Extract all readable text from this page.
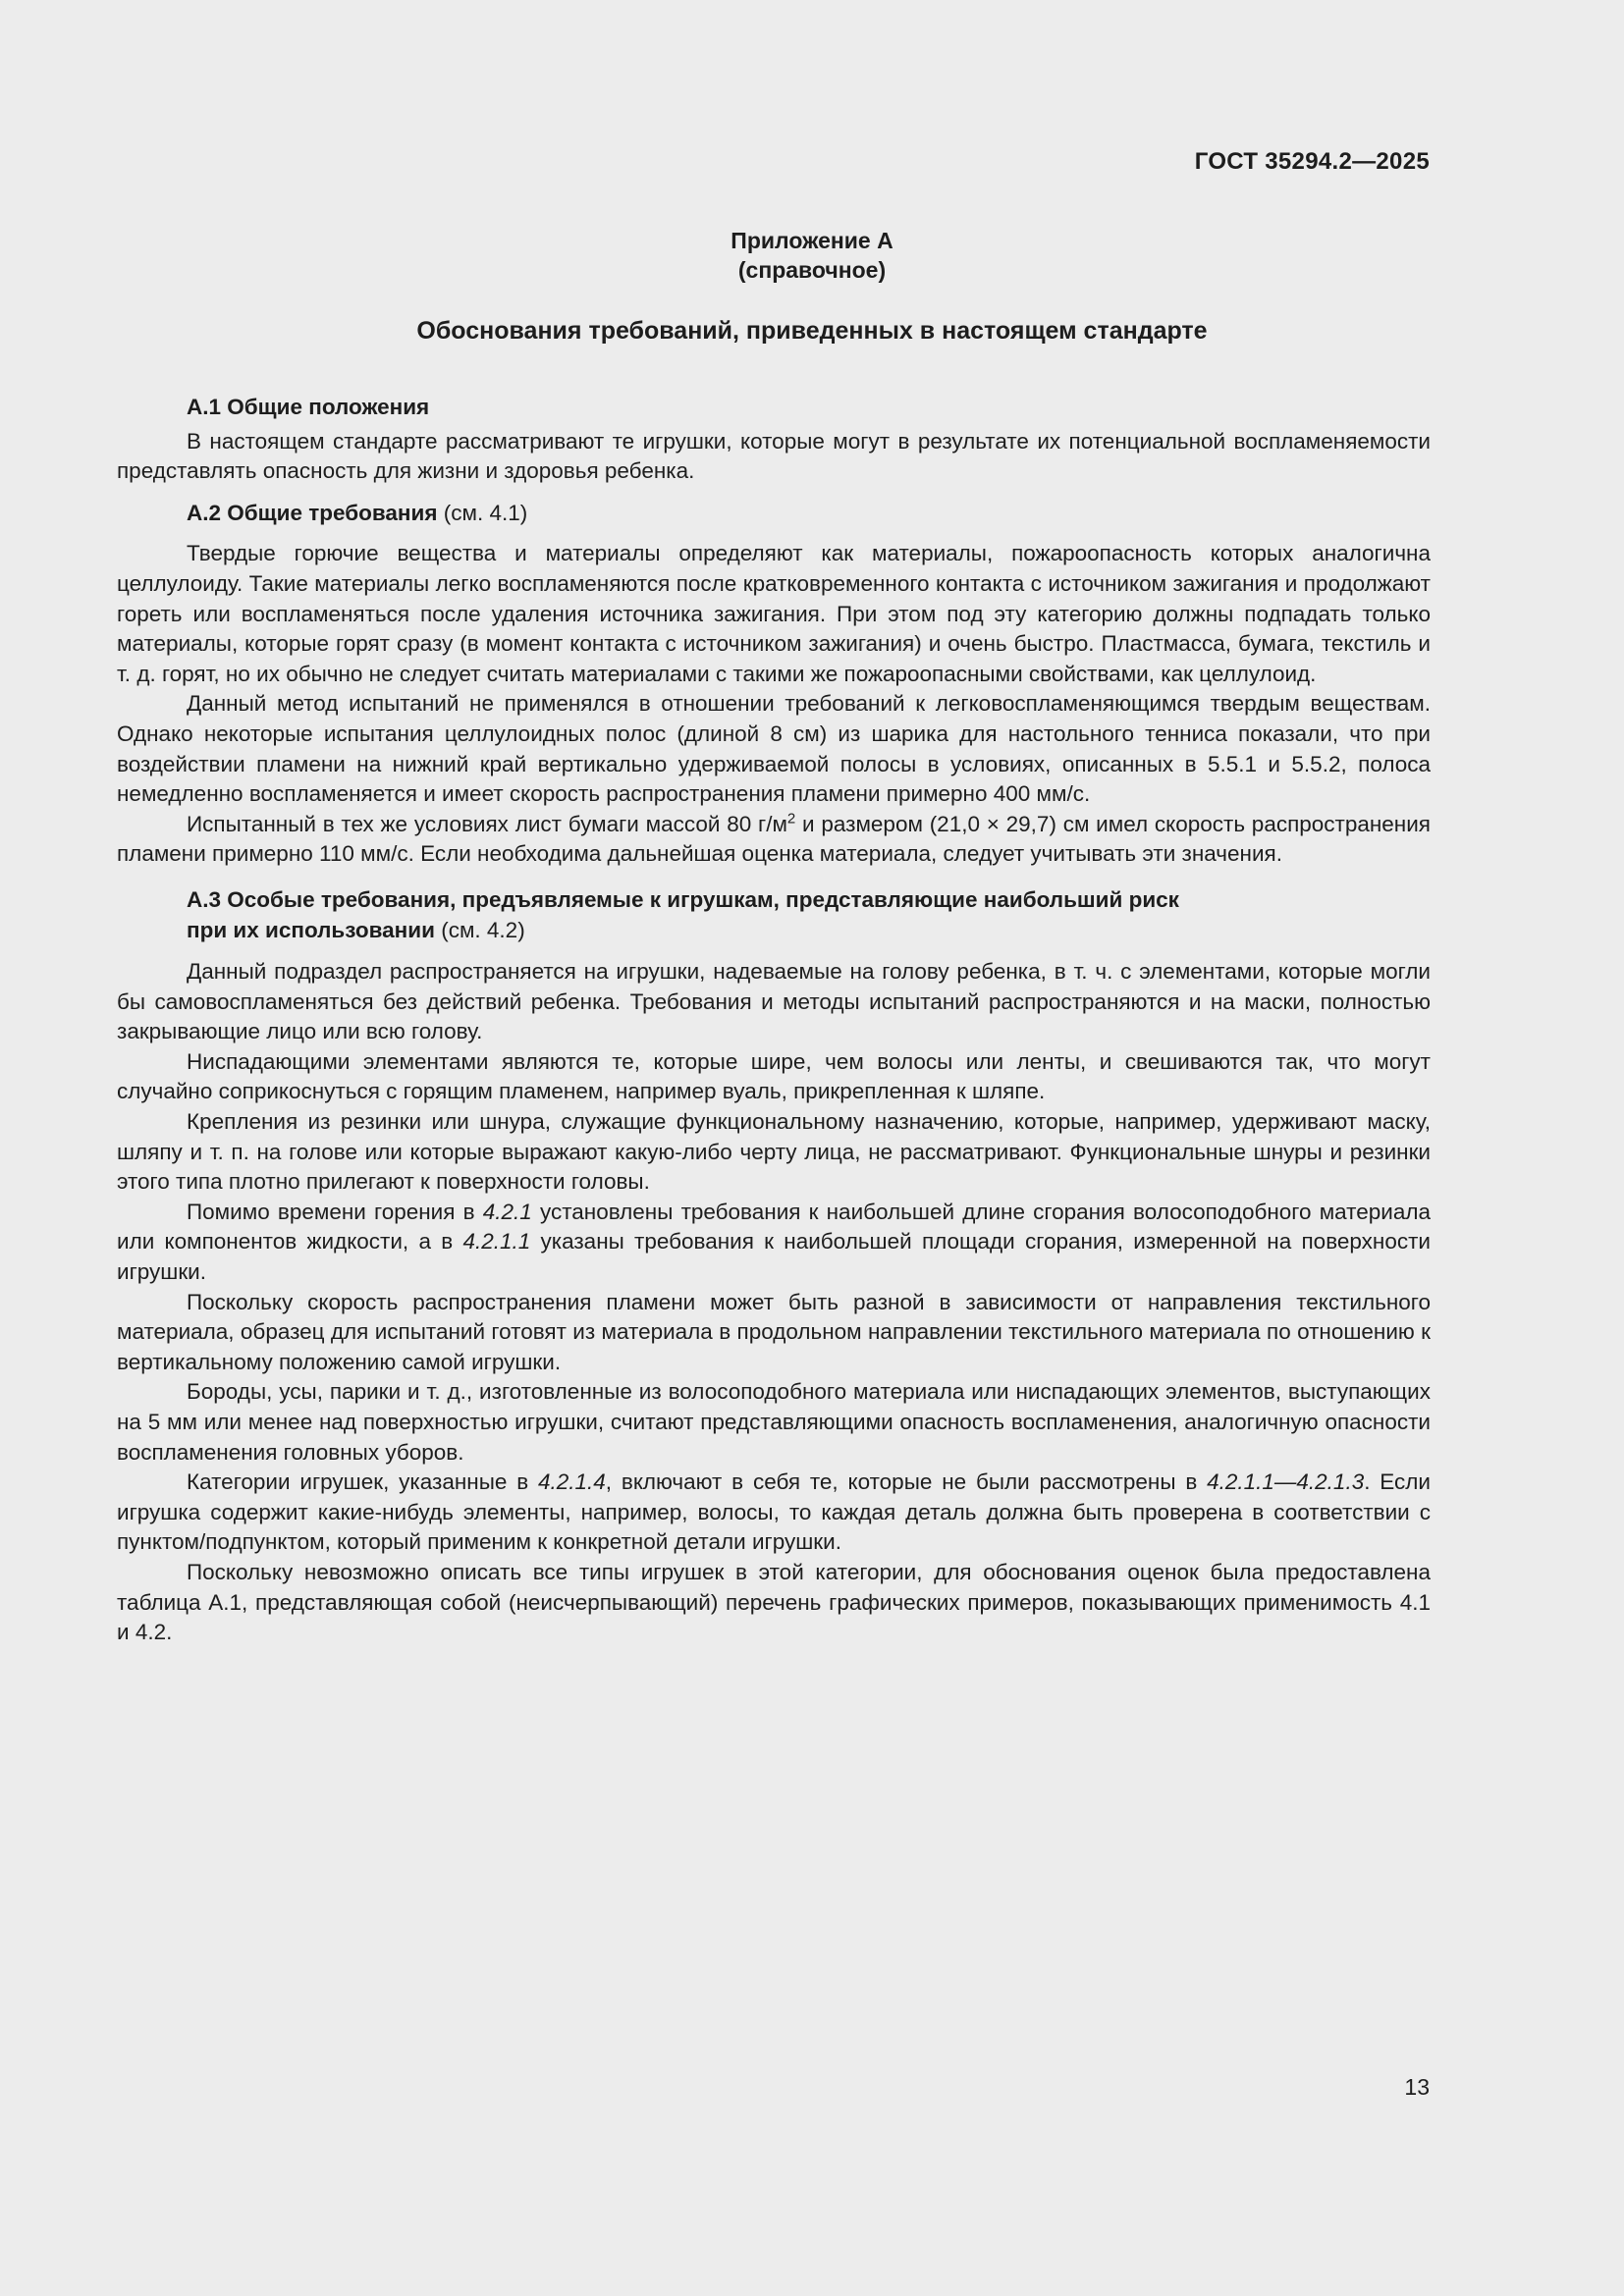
ГОСТ 35294.2—2025
Приложение А
(справочное)
Обоснования требований, приведенных в настоящем стандарте
А.1 Общие положения

В настоящем стандарте рассматривают те игрушки, которые могут в результате их потенциальной воспламеняемости представлять опасность для жизни и здоровья ребенка.

А.2 Общие требования (см. 4.1)

Твердые горючие вещества и материалы определяют как материалы, пожароопасность которых аналогична целлулоиду. Такие материалы легко воспламеняются после кратковременного контакта с источником зажигания и продолжают гореть или воспламеняться после удаления источника зажигания. При этом под эту категорию должны подпадать только материалы, которые горят сразу (в момент контакта с источником зажигания) и очень быстро. Пластмасса, бумага, текстиль и т. д. горят, но их обычно не следует считать материалами с такими же пожароопасными свойствами, как целлулоид.

Данный метод испытаний не применялся в отношении требований к легковоспламеняющимся твердым веществам. Однако некоторые испытания целлулоидных полос (длиной 8 см) из шарика для настольного тенниса показали, что при воздействии пламени на нижний край вертикально удерживаемой полосы в условиях, описанных в 5.5.1 и 5.5.2, полоса немедленно воспламеняется и имеет скорость распространения пламени примерно 400 мм/с.

Испытанный в тех же условиях лист бумаги массой 80 $г/м^2$ и размером (21,0 × 29,7) см имел скорость распространения пламени примерно 110 мм/с. Если необходима дальнейшая оценка материала, следует учитывать эти значения.

А.3 Особые требования, предъявляемые к игрушкам, представляющие наибольший риск
при их использовании (см. 4.2)

Данный подраздел распространяется на игрушки, надеваемые на голову ребенка, в т. ч. с элементами, которые могли бы самовоспламеняться без действий ребенка. Требования и методы испытаний распространяются и на маски, полностью закрывающие лицо или всю голову.

Ниспадающими элементами являются те, которые шире, чем волосы или ленты, и свешиваются так, что могут случайно соприкоснуться с горящим пламенем, например вуаль, прикрепленная к шляпе.

Крепления из резинки или шнура, служащие функциональному назначению, которые, например, удерживают маску, шляпу и т. п. на голове или которые выражают какую-либо черту лица, не рассматривают. Функциональные шнуры и резинки этого типа плотно прилегают к поверхности головы.

Помимо времени горения в 4.2.1 установлены требования к наибольшей длине сгорания волосоподобного материала или компонентов жидкости, а в 4.2.1.1 указаны требования к наибольшей площади сгорания, измеренной на поверхности игрушки.

Поскольку скорость распространения пламени может быть разной в зависимости от направления текстильного материала, образец для испытаний готовят из материала в продольном направлении текстильного материала по отношению к вертикальному положению самой игрушки.

Бороды, усы, парики и т. д., изготовленные из волосоподобного материала или ниспадающих элементов, выступающих на 5 мм или менее над поверхностью игрушки, считают представляющими опасность воспламенения, аналогичную опасности воспламенения головных уборов.

Категории игрушек, указанные в 4.2.1.4, включают в себя те, которые не были рассмотрены в 4.2.1.1—4.2.1.3. Если игрушка содержит какие-нибудь элементы, например, волосы, то каждая деталь должна быть проверена в соответствии с пунктом/подпунктом, который применим к конкретной детали игрушки.

Поскольку невозможно описать все типы игрушек в этой категории, для обоснования оценок была предоставлена таблица А.1, представляющая собой (неисчерпывающий) перечень графических примеров, показывающих применимость 4.1 и 4.2.

13
